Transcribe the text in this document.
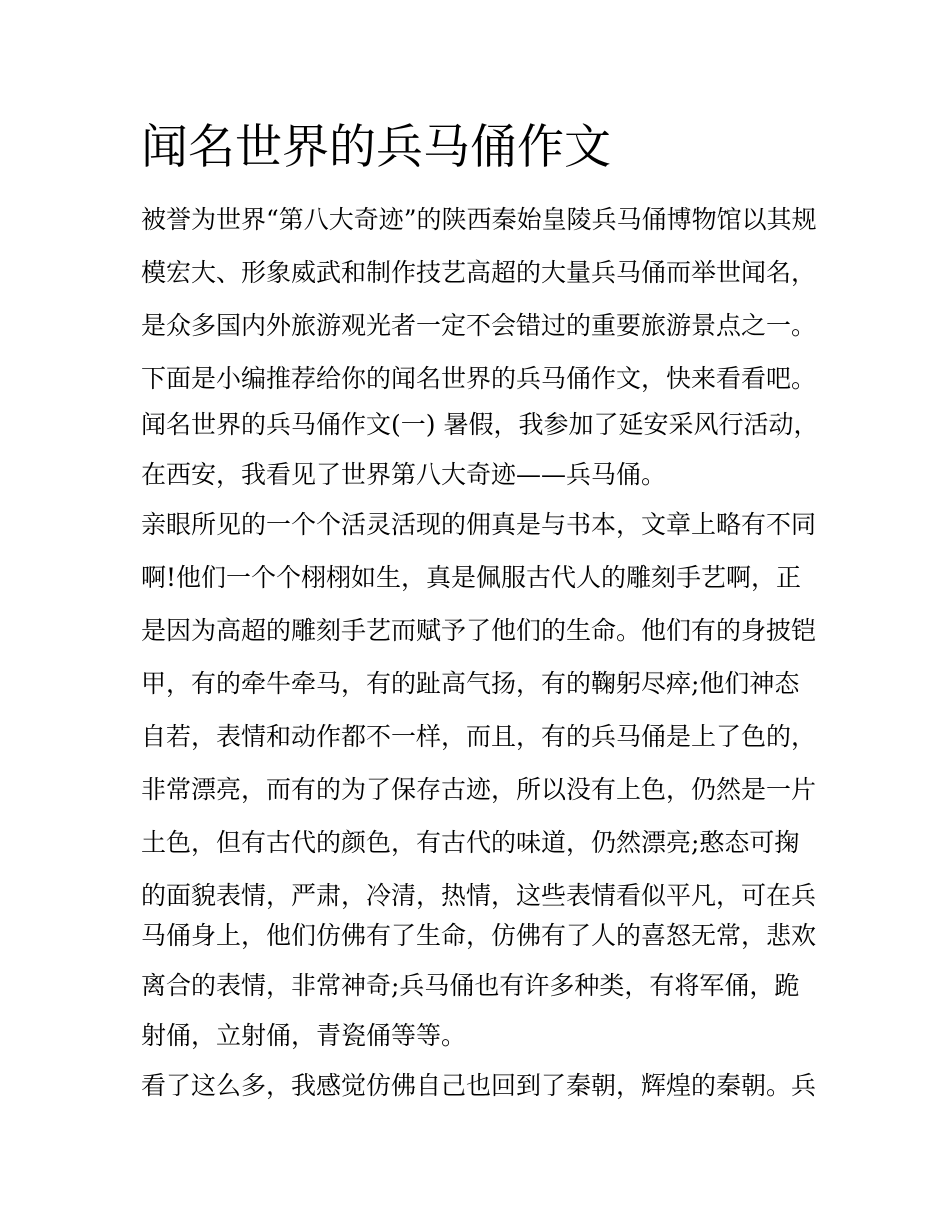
闻名世界的兵马俑作文

被誉为世界“第八大奇迹”的陕西秦始皇陵兵马俑博物馆以其规

模宏大、形象威武和制作技艺高超的大量兵马俑而举世闻名，

是众多国内外旅游观光者一定不会错过的重要旅游景点之一。

下面是小编推荐给你的闻名世界的兵马俑作文，快来看看吧。

闻名世界的兵马俑作文(一) 暑假，我参加了延安采风行活动，

在西安，我看见了世界第八大奇迹——兵马俑。

亲眼所见的一个个活灵活现的佣真是与书本，文章上略有不同

啊!他们一个个栩栩如生，真是佩服古代人的雕刻手艺啊，正

是因为高超的雕刻手艺而赋予了他们的生命。他们有的身披铠

甲，有的牵牛牵马，有的趾高气扬，有的鞠躬尽瘁;他们神态

自若，表情和动作都不一样，而且，有的兵马俑是上了色的，

非常漂亮，而有的为了保存古迹，所以没有上色，仍然是一片

土色，但有古代的颜色，有古代的味道，仍然漂亮;憨态可掬

的面貌表情，严肃，冷清，热情，这些表情看似平凡，可在兵

马俑身上，他们仿佛有了生命，仿佛有了人的喜怒无常，悲欢

离合的表情，非常神奇;兵马俑也有许多种类，有将军俑，跪

射俑，立射俑，青瓷俑等等。

看了这么多，我感觉仿佛自己也回到了秦朝，辉煌的秦朝。兵
